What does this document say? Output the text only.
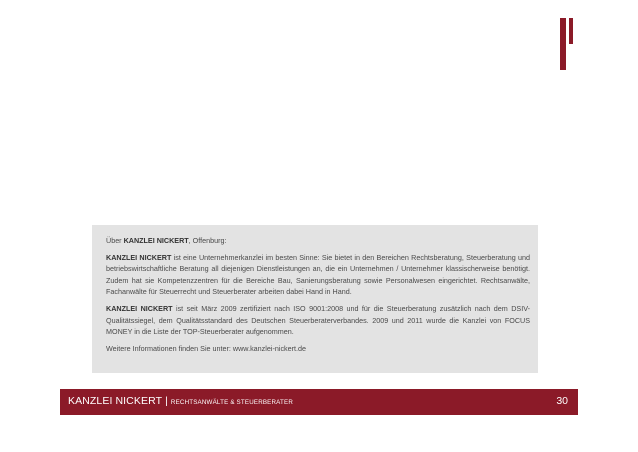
Über KANZLEI NICKERT, Offenburg:

KANZLEI NICKERT ist eine Unternehmerkanzlei im besten Sinne: Sie bietet in den Bereichen Rechtsberatung, Steuerberatung und betriebswirtschaftliche Beratung all diejenigen Dienstleistungen an, die ein Unternehmen / Unternehmer klassischerweise benötigt. Zudem hat sie Kompetenzzentren für die Bereiche Bau, Sanierungsberatung sowie Personalwesen eingerichtet. Rechtsanwälte, Fachanwälte für Steuerrecht und Steuerberater arbeiten dabei Hand in Hand.

KANZLEI NICKERT ist seit März 2009 zertifiziert nach ISO 9001:2008 und für die Steuerberatung zusätzlich nach dem DSIV-Qualitätssiegel, dem Qualitätsstandard des Deutschen Steuerberaterverbandes. 2009 und 2011 wurde die Kanzlei von FOCUS MONEY in die Liste der TOP-Steuerberater aufgenommen.

Weitere Informationen finden Sie unter: www.kanzlei-nickert.de

KANZLEI NICKERT | RECHTSANWÄLTE & STEUERBERATER	30
